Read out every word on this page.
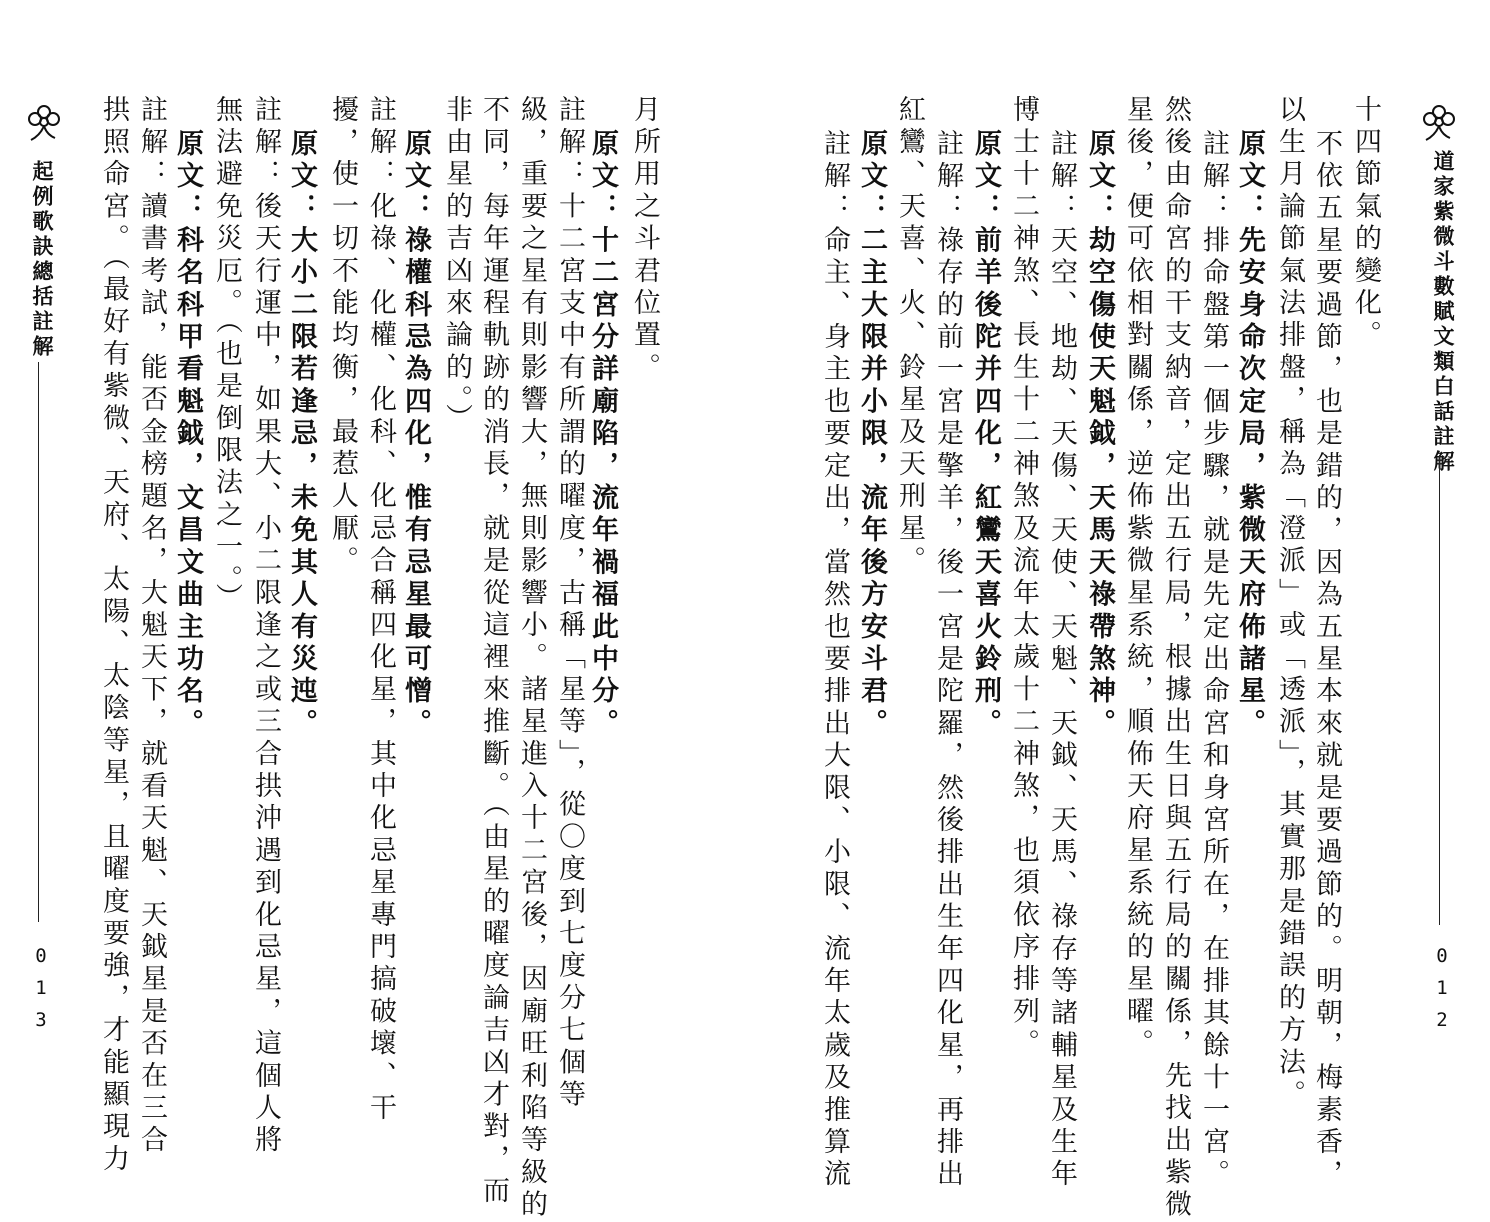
起例歌訣總括註解
013
月所用之斗君位置。
原文：十二宮分詳廟陷，流年禍福此中分。
註解：十二宮支中有所謂的曜度，古稱「星等」，從〇度到七度分七個等
級，重要之星有則影響大，無則影響小。諸星進入十二宮後，因廟旺利陷等級的
不同，每年運程軌跡的消長，就是從這裡來推斷。（由星的曜度論吉凶才對，而
非由星的吉凶來論的。）
原文：祿權科忌為四化，惟有忌星最可憎。
註解：化祿、化權、化科、化忌合稱四化星，其中化忌星專門搞破壞、干
擾，使一切不能均衡，最惹人厭。
原文：大小二限若逢忌，未免其人有災迍。
註解：後天行運中，如果大、小二限逢之或三合拱沖遇到化忌星，這個人將
無法避免災厄。（也是倒限法之一。）
原文：科名科甲看魁鉞，文昌文曲主功名。
註解：讀書考試，能否金榜題名，大魁天下，就看天魁、天鉞星是否在三合
拱照命宮。（最好有紫微、天府、太陽、太陰等星，且曜度要強，才能顯現力	道家紫微斗數賦文類白話註解
012
十四節氣的變化。
不依五星要過節，也是錯的，因為五星本來就是要過節的。明朝，梅素香，
以生月論節氣法排盤，稱為「澄派」或「透派」，其實那是錯誤的方法。
原文：先安身命次定局，紫微天府佈諸星。
註解：排命盤第一個步驟，就是先定出命宮和身宮所在，在排其餘十一宮。
然後由命宮的干支納音，定出五行局，根據出生日與五行局的關係，先找出紫微
星後，便可依相對關係，逆佈紫微星系統，順佈天府星系統的星曜。
原文：劫空傷使天魁鉞，天馬天祿帶煞神。
註解：天空、地劫、天傷、天使、天魁、天鉞、天馬、祿存等諸輔星及生年
博士十二神煞、長生十二神煞及流年太歲十二神煞，也須依序排列。
原文：前羊後陀并四化，紅鸞天喜火鈴刑。
註解：祿存的前一宮是擎羊，後一宮是陀羅，然後排出生年四化星，再排出
紅鸞、天喜、火、鈴星及天刑星。
原文：二主大限并小限，流年後方安斗君。
註解：命主、身主也要定出，當然也要排出大限、小限、流年太歲及推算流
